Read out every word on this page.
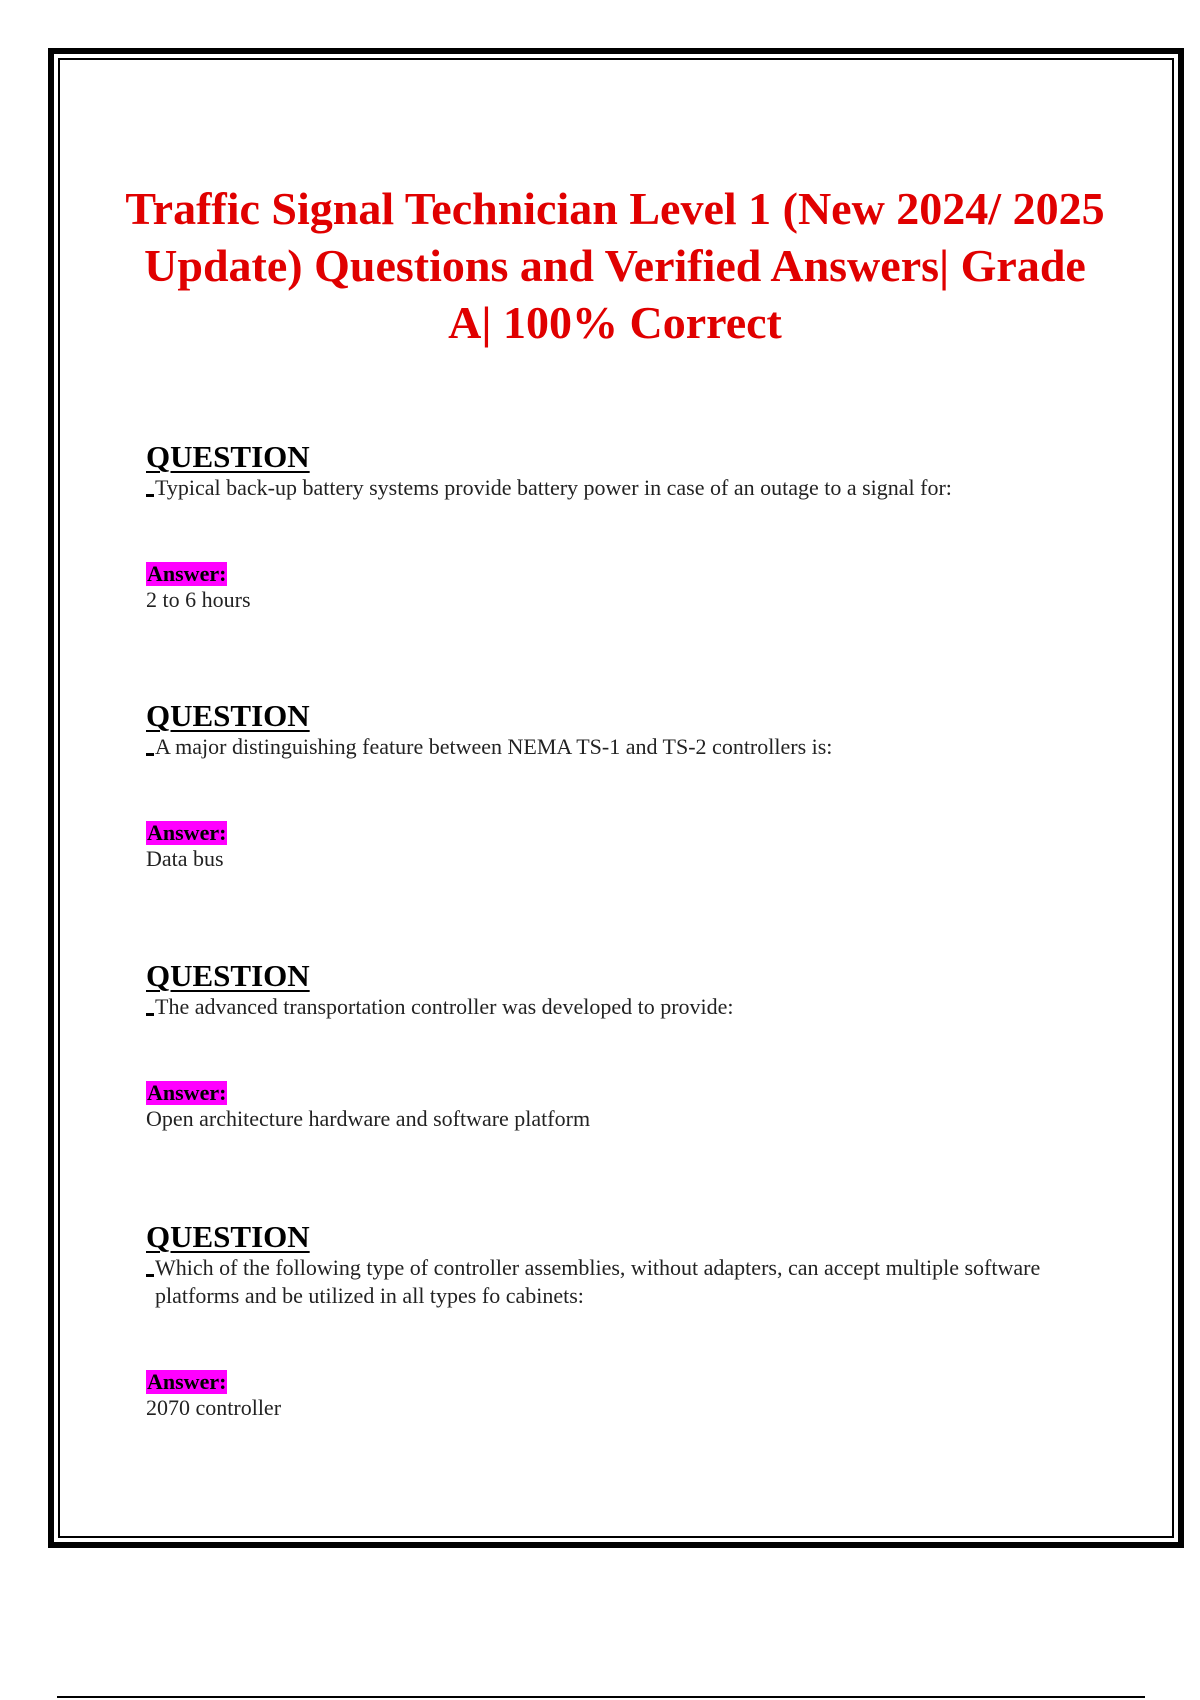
Traffic Signal Technician Level 1 (New 2024/ 2025 Update) Questions and Verified Answers| Grade A| 100% Correct

QUESTION

Typical back-up battery systems provide battery power in case of an outage to a signal for:

Answer:

2 to 6 hours

QUESTION

A major distinguishing feature between NEMA TS-1 and TS-2 controllers is:

Answer:

Data bus

QUESTION

The advanced transportation controller was developed to provide:

Answer:

Open architecture hardware and software platform

QUESTION

Which of the following type of controller assemblies, without adapters, can accept multiple software platforms and be utilized in all types fo cabinets:

Answer:

2070 controller
